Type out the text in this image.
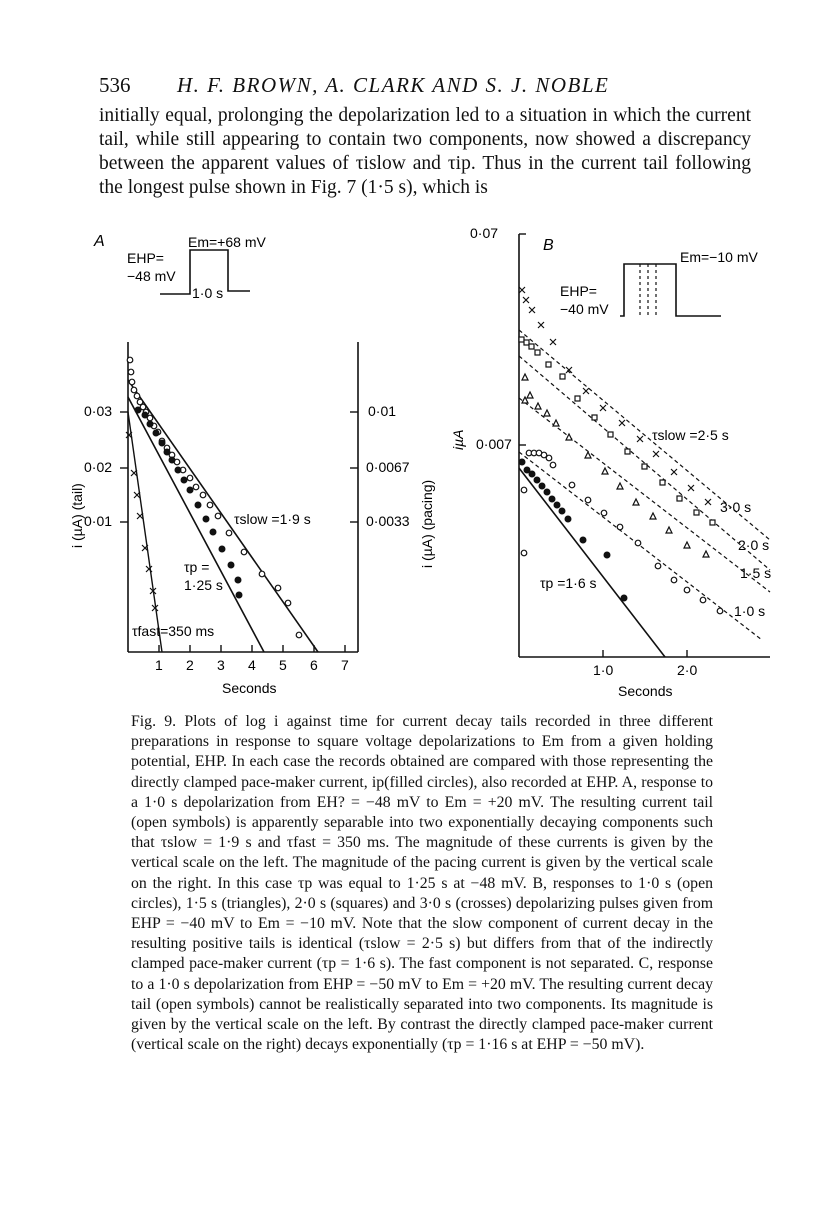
536 H. F. BROWN, A. CLARK AND S. J. NOBLE

initially equal, prolonging the depolarization led to a situation in which the current tail, while still appearing to contain two components, now showed a discrepancy between the apparent values of τislow and τip. Thus in the current tail following the longest pulse shown in Fig. 7 (1·5 s), which is

A	Em=+68 mV
EHP=
−48 mV
1·0 s
0·03
0·02
0·01
i (µA) (tail)
0·01
0·0067
0·0033 i (µA) (pacing)
1 2 3 4 5 6 7
Seconds
τslow =1·9 s
τp =
1·25 s
τfast=350 ms
B
Em=−10 mV
EHP=
−40 mV
0·07
0·007
iµA
1·0	2·0
Seconds
τslow =2·5 s
3·0 s
2·0 s
1·5 s
1·0 s
τp =1·6 s

Fig. 9. Plots of log i against time for current decay tails recorded in three different preparations in response to square voltage depolarizations to Em from a given holding potential, EHP. In each case the records obtained are compared with those representing the directly clamped pace-maker current, ip(filled circles), also recorded at EHP. A, response to a 1·0 s depolarization from EH? = −48 mV to Em = +20 mV. The resulting current tail (open symbols) is apparently separable into two exponentially decaying components such that τslow = 1·9 s and τfast = 350 ms. The magnitude of these currents is given by the vertical scale on the left. The magnitude of the pacing current is given by the vertical scale on the right. In this case τp was equal to 1·25 s at −48 mV. B, responses to 1·0 s (open circles), 1·5 s (triangles), 2·0 s (squares) and 3·0 s (crosses) depolarizing pulses given from EHP = −40 mV to Em = −10 mV. Note that the slow component of current decay in the resulting positive tails is identical (τslow = 2·5 s) but differs from that of the indirectly clamped pace-maker current (τp = 1·6 s). The fast component is not separated. C, response to a 1·0 s depolarization from EHP = −50 mV to Em = +20 mV. The resulting current decay tail (open symbols) cannot be realistically separated into two components. Its magnitude is given by the vertical scale on the left. By contrast the directly clamped pace-maker current (vertical scale on the right) decays exponentially (τp = 1·16 s at EHP = −50 mV).
